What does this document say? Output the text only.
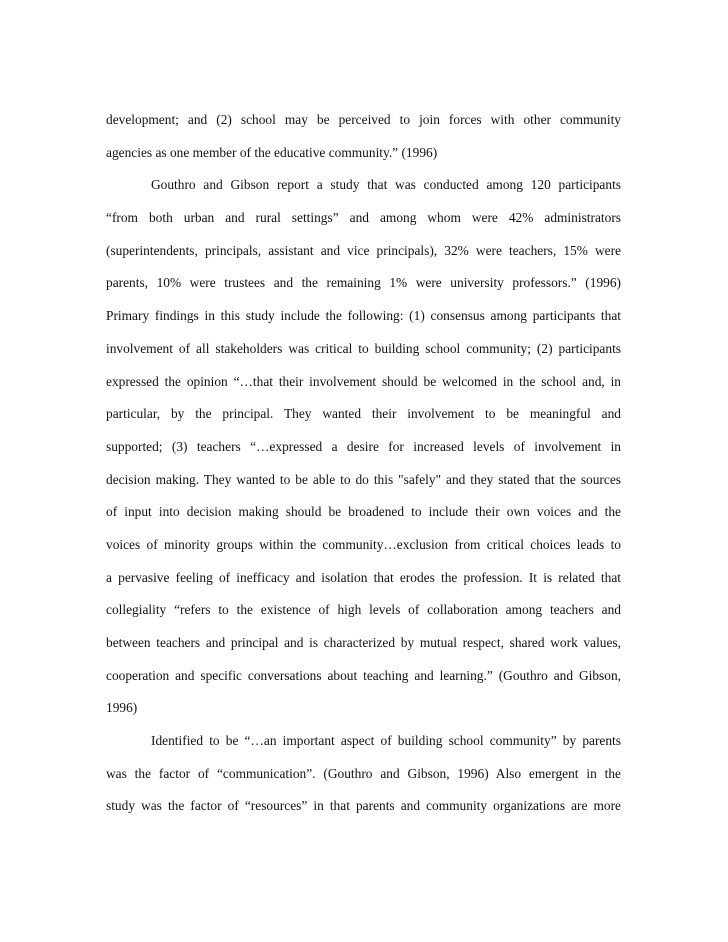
development; and (2) school may be perceived to join forces with other community
agencies as one member of the educative community.” (1996)
Gouthro and Gibson report a study that was conducted among 120 participants
“from both urban and rural settings” and among whom were 42% administrators
(superintendents, principals, assistant and vice principals), 32% were teachers, 15% were
parents, 10% were trustees and the remaining 1% were university professors.” (1996)
Primary findings in this study include the following: (1) consensus among participants that
involvement of all stakeholders was critical to building school community; (2) participants
expressed the opinion “…that their involvement should be welcomed in the school and, in
particular, by the principal. They wanted their involvement to be meaningful and
supported; (3) teachers “…expressed a desire for increased levels of involvement in
decision making. They wanted to be able to do this "safely" and they stated that the sources
of input into decision making should be broadened to include their own voices and the
voices of minority groups within the community…exclusion from critical choices leads to
a pervasive feeling of inefficacy and isolation that erodes the profession. It is related that
collegiality “refers to the existence of high levels of collaboration among teachers and
between teachers and principal and is characterized by mutual respect, shared work values,
cooperation and specific conversations about teaching and learning.” (Gouthro and Gibson,
1996)
Identified to be “…an important aspect of building school community” by parents
was the factor of “communication”. (Gouthro and Gibson, 1996) Also emergent in the
study was the factor of “resources” in that parents and community organizations are more
